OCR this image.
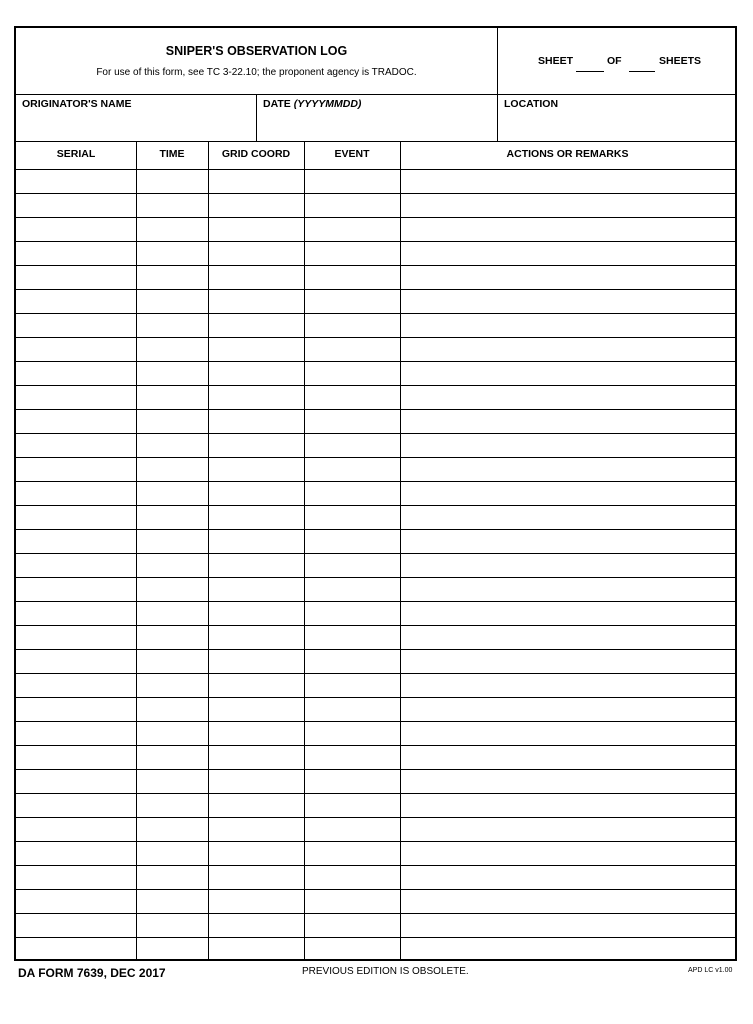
SNIPER'S OBSERVATION LOG
For use of this form, see TC 3-22.10; the proponent agency is TRADOC.
SHEET	OF	SHEETS
ORIGINATOR'S NAME	DATE (YYYYMMDD)	LOCATION
SERIAL	TIME	GRID COORD	EVENT	ACTIONS OR REMARKS
DA FORM 7639, DEC 2017	PREVIOUS EDITION IS OBSOLETE.	APD LC v1.00
